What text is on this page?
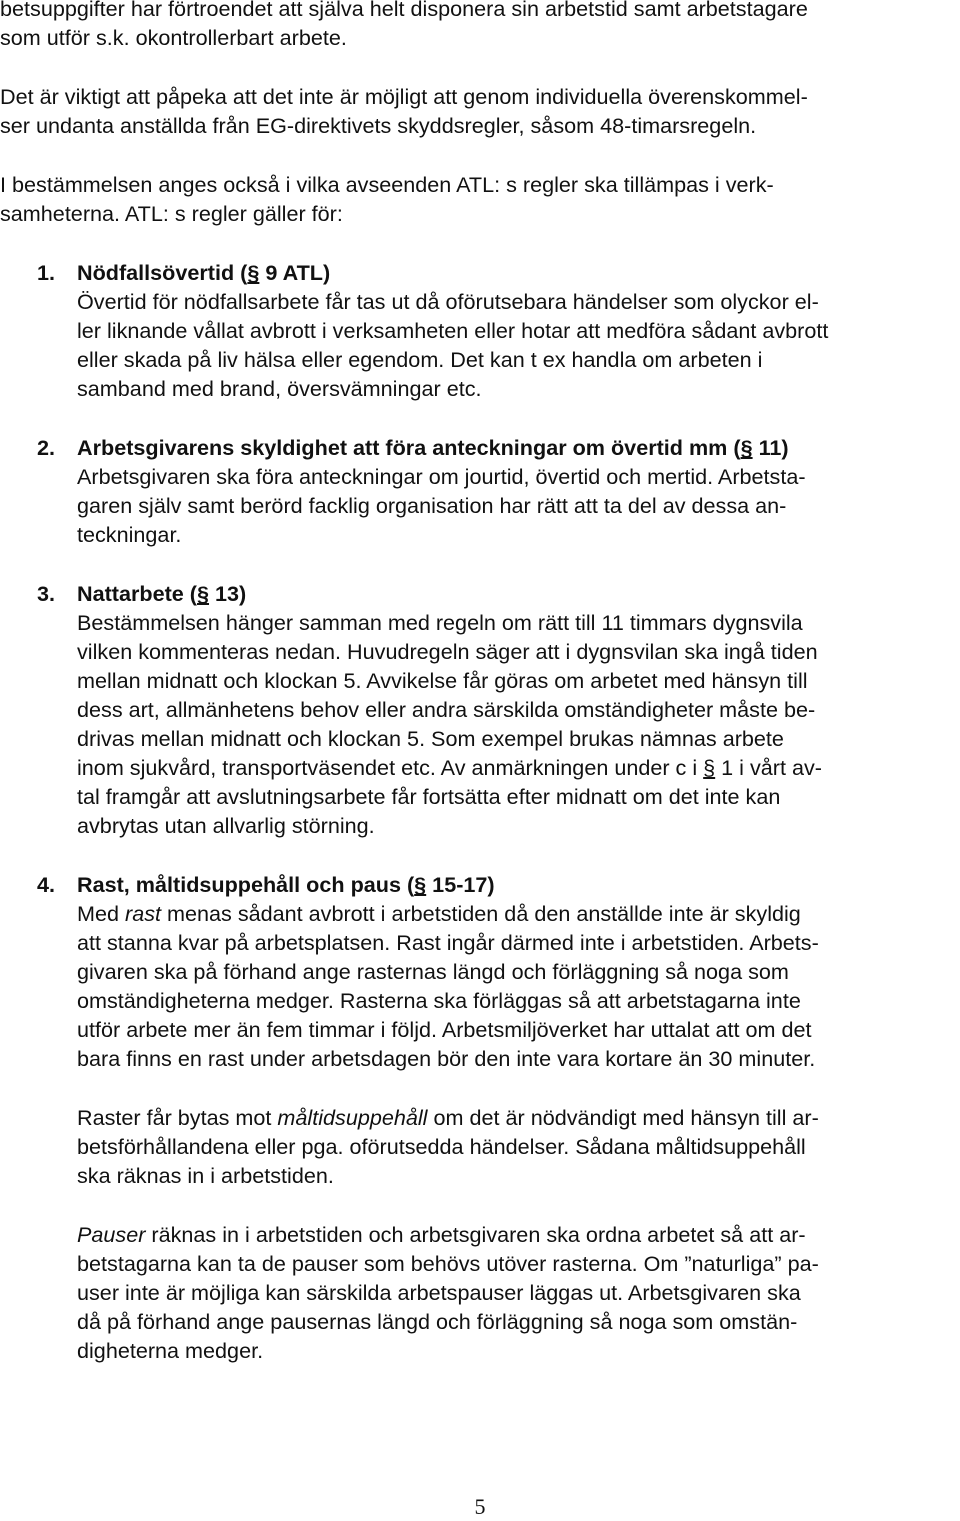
betsuppgifter har förtroendet att själva helt disponera sin arbetstid samt arbetstagare

som utför s.k. okontrollerbart arbete.

Det är viktigt att påpeka att det inte är möjligt att genom individuella överenskommel-

ser undanta anställda från EG-direktivets skyddsregler, såsom 48-timarsregeln.

I bestämmelsen anges också i vilka avseenden ATL: s regler ska tillämpas i verk-

samheterna. ATL: s regler gäller för:

1. Nödfallsövertid (§ 9 ATL)

Övertid för nödfallsarbete får tas ut då oförutsebara händelser som olyckor el-

ler liknande vållat avbrott i verksamheten eller hotar att medföra sådant avbrott

eller skada på liv hälsa eller egendom. Det kan t ex handla om arbeten i

samband med brand, översvämningar etc.

2. Arbetsgivarens skyldighet att föra anteckningar om övertid mm (§ 11)

Arbetsgivaren ska föra anteckningar om jourtid, övertid och mertid. Arbetsta-

garen själv samt berörd facklig organisation har rätt att ta del av dessa an-

teckningar.

3. Nattarbete (§ 13)

Bestämmelsen hänger samman med regeln om rätt till 11 timmars dygnsvila

vilken kommenteras nedan. Huvudregeln säger att i dygnsvilan ska ingå tiden

mellan midnatt och klockan 5. Avvikelse får göras om arbetet med hänsyn till

dess art, allmänhetens behov eller andra särskilda omständigheter måste be-

drivas mellan midnatt och klockan 5. Som exempel brukas nämnas arbete

inom sjukvård, transportväsendet etc. Av anmärkningen under c i § 1 i vårt av-

tal framgår att avslutningsarbete får fortsätta efter midnatt om det inte kan

avbrytas utan allvarlig störning.

4. Rast, måltidsuppehåll och paus (§ 15-17)

Med rast menas sådant avbrott i arbetstiden då den anställde inte är skyldig

att stanna kvar på arbetsplatsen. Rast ingår därmed inte i arbetstiden. Arbets-

givaren ska på förhand ange rasternas längd och förläggning så noga som

omständigheterna medger. Rasterna ska förläggas så att arbetstagarna inte

utför arbete mer än fem timmar i följd. Arbetsmiljöverket har uttalat att om det

bara finns en rast under arbetsdagen bör den inte vara kortare än 30 minuter.

Raster får bytas mot måltidsuppehåll om det är nödvändigt med hänsyn till ar-

betsförhållandena eller pga. oförutsedda händelser. Sådana måltidsuppehåll

ska räknas in i arbetstiden.

Pauser räknas in i arbetstiden och arbetsgivaren ska ordna arbetet så att ar-

betstagarna kan ta de pauser som behövs utöver rasterna. Om ”naturliga” pa-

user inte är möjliga kan särskilda arbetspauser läggas ut. Arbetsgivaren ska

då på förhand ange pausernas längd och förläggning så noga som omstän-

digheterna medger.

5
